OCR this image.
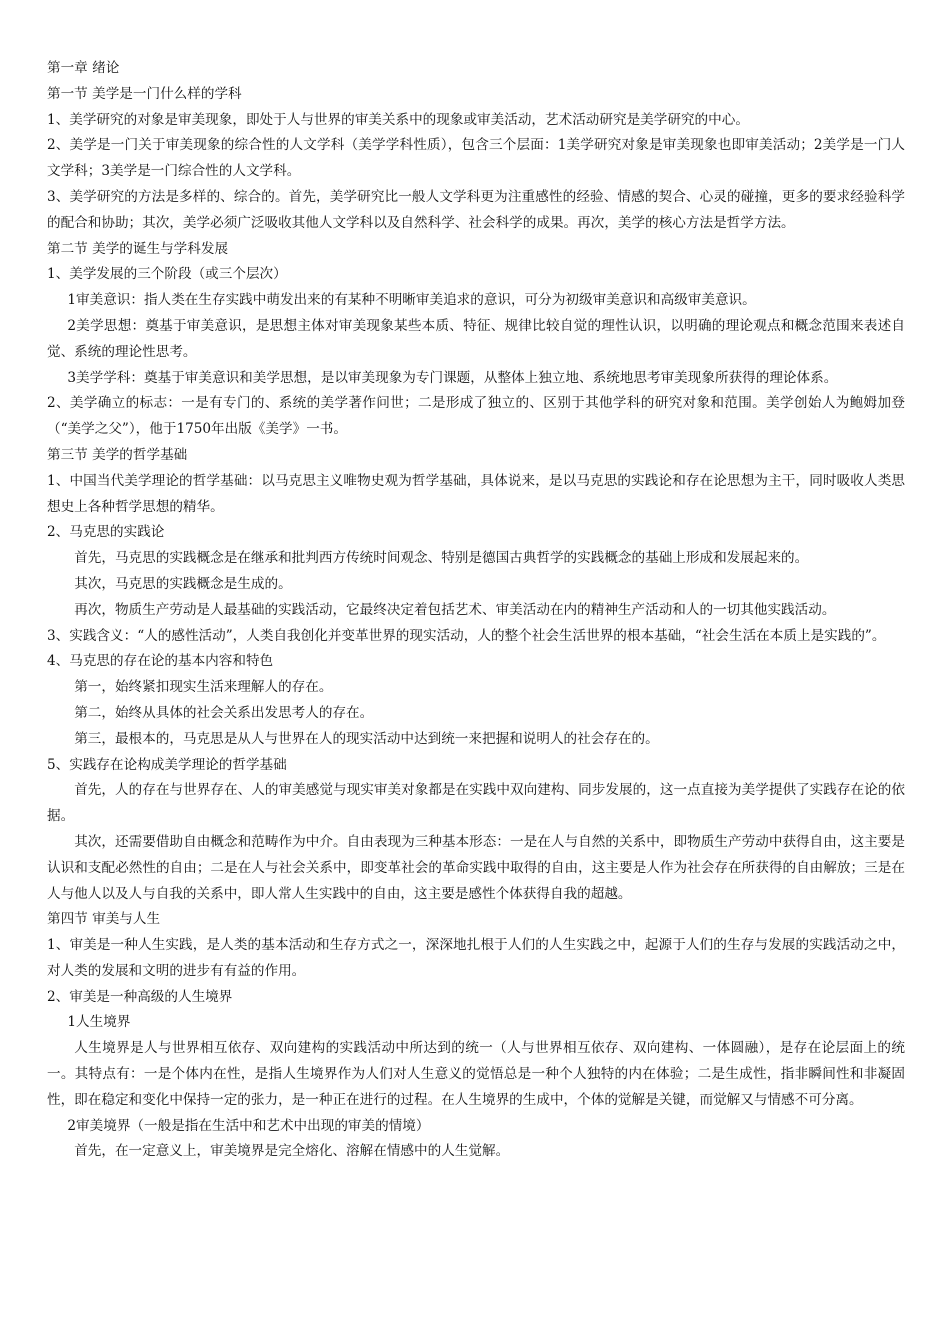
第一章 绪论

第一节 美学是一门什么样的学科

1、美学研究的对象是审美现象，即处于人与世界的审美关系中的现象或审美活动，艺术活动研究是美学研究的中心。

2、美学是一门关于审美现象的综合性的人文学科（美学学科性质），包含三个层面：1美学研究对象是审美现象也即审美活动；2美学是一门人文学科；3美学是一门综合性的人文学科。

3、美学研究的方法是多样的、综合的。首先，美学研究比一般人文学科更为注重感性的经验、情感的契合、心灵的碰撞，更多的要求经验科学的配合和协助；其次，美学必须广泛吸收其他人文学科以及自然科学、社会科学的成果。再次，美学的核心方法是哲学方法。

第二节 美学的诞生与学科发展

1、美学发展的三个阶段（或三个层次）

1审美意识：指人类在生存实践中萌发出来的有某种不明晰审美追求的意识，可分为初级审美意识和高级审美意识。

2美学思想：奠基于审美意识，是思想主体对审美现象某些本质、特征、规律比较自觉的理性认识，以明确的理论观点和概念范围来表述自觉、系统的理论性思考。

3美学学科：奠基于审美意识和美学思想，是以审美现象为专门课题，从整体上独立地、系统地思考审美现象所获得的理论体系。

2、美学确立的标志：一是有专门的、系统的美学著作问世；二是形成了独立的、区别于其他学科的研究对象和范围。美学创始人为鲍姆加登（“美学之父”），他于1750年出版《美学》一书。

第三节 美学的哲学基础

1、中国当代美学理论的哲学基础：以马克思主义唯物史观为哲学基础，具体说来，是以马克思的实践论和存在论思想为主干，同时吸收人类思想史上各种哲学思想的精华。

2、马克思的实践论

首先，马克思的实践概念是在继承和批判西方传统时间观念、特别是德国古典哲学的实践概念的基础上形成和发展起来的。

其次，马克思的实践概念是生成的。

再次，物质生产劳动是人最基础的实践活动，它最终决定着包括艺术、审美活动在内的精神生产活动和人的一切其他实践活动。

3、实践含义：“人的感性活动”，人类自我创化并变革世界的现实活动，人的整个社会生活世界的根本基础，“社会生活在本质上是实践的”。

4、马克思的存在论的基本内容和特色

第一，始终紧扣现实生活来理解人的存在。

第二，始终从具体的社会关系出发思考人的存在。

第三，最根本的，马克思是从人与世界在人的现实活动中达到统一来把握和说明人的社会存在的。

5、实践存在论构成美学理论的哲学基础

首先，人的存在与世界存在、人的审美感觉与现实审美对象都是在实践中双向建构、同步发展的，这一点直接为美学提供了实践存在论的依据。

其次，还需要借助自由概念和范畴作为中介。自由表现为三种基本形态：一是在人与自然的关系中，即物质生产劳动中获得自由，这主要是认识和支配必然性的自由；二是在人与社会关系中，即变革社会的革命实践中取得的自由，这主要是人作为社会存在所获得的自由解放；三是在人与他人以及人与自我的关系中，即人常人生实践中的自由，这主要是感性个体获得自我的超越。

第四节 审美与人生

1、审美是一种人生实践，是人类的基本活动和生存方式之一，深深地扎根于人们的人生实践之中，起源于人们的生存与发展的实践活动之中，对人类的发展和文明的进步有有益的作用。

2、审美是一种高级的人生境界

1人生境界

人生境界是人与世界相互依存、双向建构的实践活动中所达到的统一（人与世界相互依存、双向建构、一体圆融），是存在论层面上的统一。其特点有：一是个体内在性，是指人生境界作为人们对人生意义的觉悟总是一种个人独特的内在体验；二是生成性，指非瞬间性和非凝固性，即在稳定和变化中保持一定的张力，是一种正在进行的过程。在人生境界的生成中，个体的觉解是关键，而觉解又与情感不可分离。

2审美境界（一般是指在生活中和艺术中出现的审美的情境）

首先，在一定意义上，审美境界是完全熔化、溶解在情感中的人生觉解。
